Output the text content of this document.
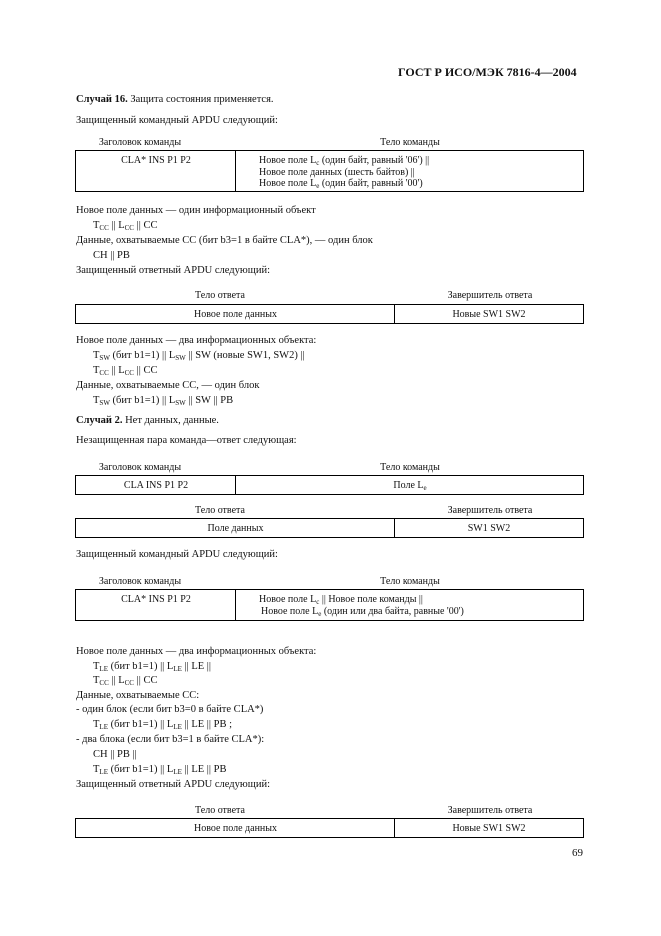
ГОСТ Р ИСО/МЭК 7816-4—2004
Случай 16. Защита состояния применяется.
Защищенный командный APDU следующий:
Заголовок команды	Тело команды
CLA* INS P1 P2	Новое поле $L_c$ (один байт, равный '06') ||
Новое поле данных (шесть байтов) ||
Новое поле $L_e$ (один байт, равный '00')
Новое поле данных — один информационный объект
$T_{CC}$ || $L_{CC}$ || CC
Данные, охватываемые CC (бит b3=1 в байте CLA*), — один блок
CH || PB
Защищенный ответный APDU следующий:
Тело ответа	Завершитель ответа
Новое поле данных	Новые SW1 SW2
Новое поле данных — два информационных объекта:
$T_{SW}$ (бит b1=1) || $L_{SW}$ || SW (новые SW1, SW2) ||
$T_{CC}$ || $L_{CC}$ || CC
Данные, охватываемые CC, — один блок
$T_{SW}$ (бит b1=1) || $L_{SW}$ || SW || PB
Случай 2. Нет данных, данные.
Незащищенная пара команда—ответ следующая:
Заголовок команды	Тело команды
CLA INS P1 P2	Поле $L_e$
Тело ответа	Завершитель ответа
Поле данных	SW1 SW2
Защищенный командный APDU следующий:
Заголовок команды	Тело команды
CLA* INS P1 P2	Новое поле $L_c$ || Новое поле команды ||
Новое поле $L_e$ (один или два байта, равные '00')
Новое поле данных — два информационных объекта:
$T_{LE}$ (бит b1=1) || $L_{LE}$ || LE ||
$T_{CC}$ || $L_{CC}$ || CC
Данные, охватываемые CC:
- один блок (если бит b3=0 в байте CLA*)
$T_{LE}$ (бит b1=1) || $L_{LE}$ || LE || PB ;
- два блока (если бит b3=1 в байте CLA*):
CH || PB ||
$T_{LE}$ (бит b1=1) || $L_{LE}$ || LE || PB
Защищенный ответный APDU следующий:
Тело ответа	Завершитель ответа
Новое поле данных	Новые SW1 SW2
69
